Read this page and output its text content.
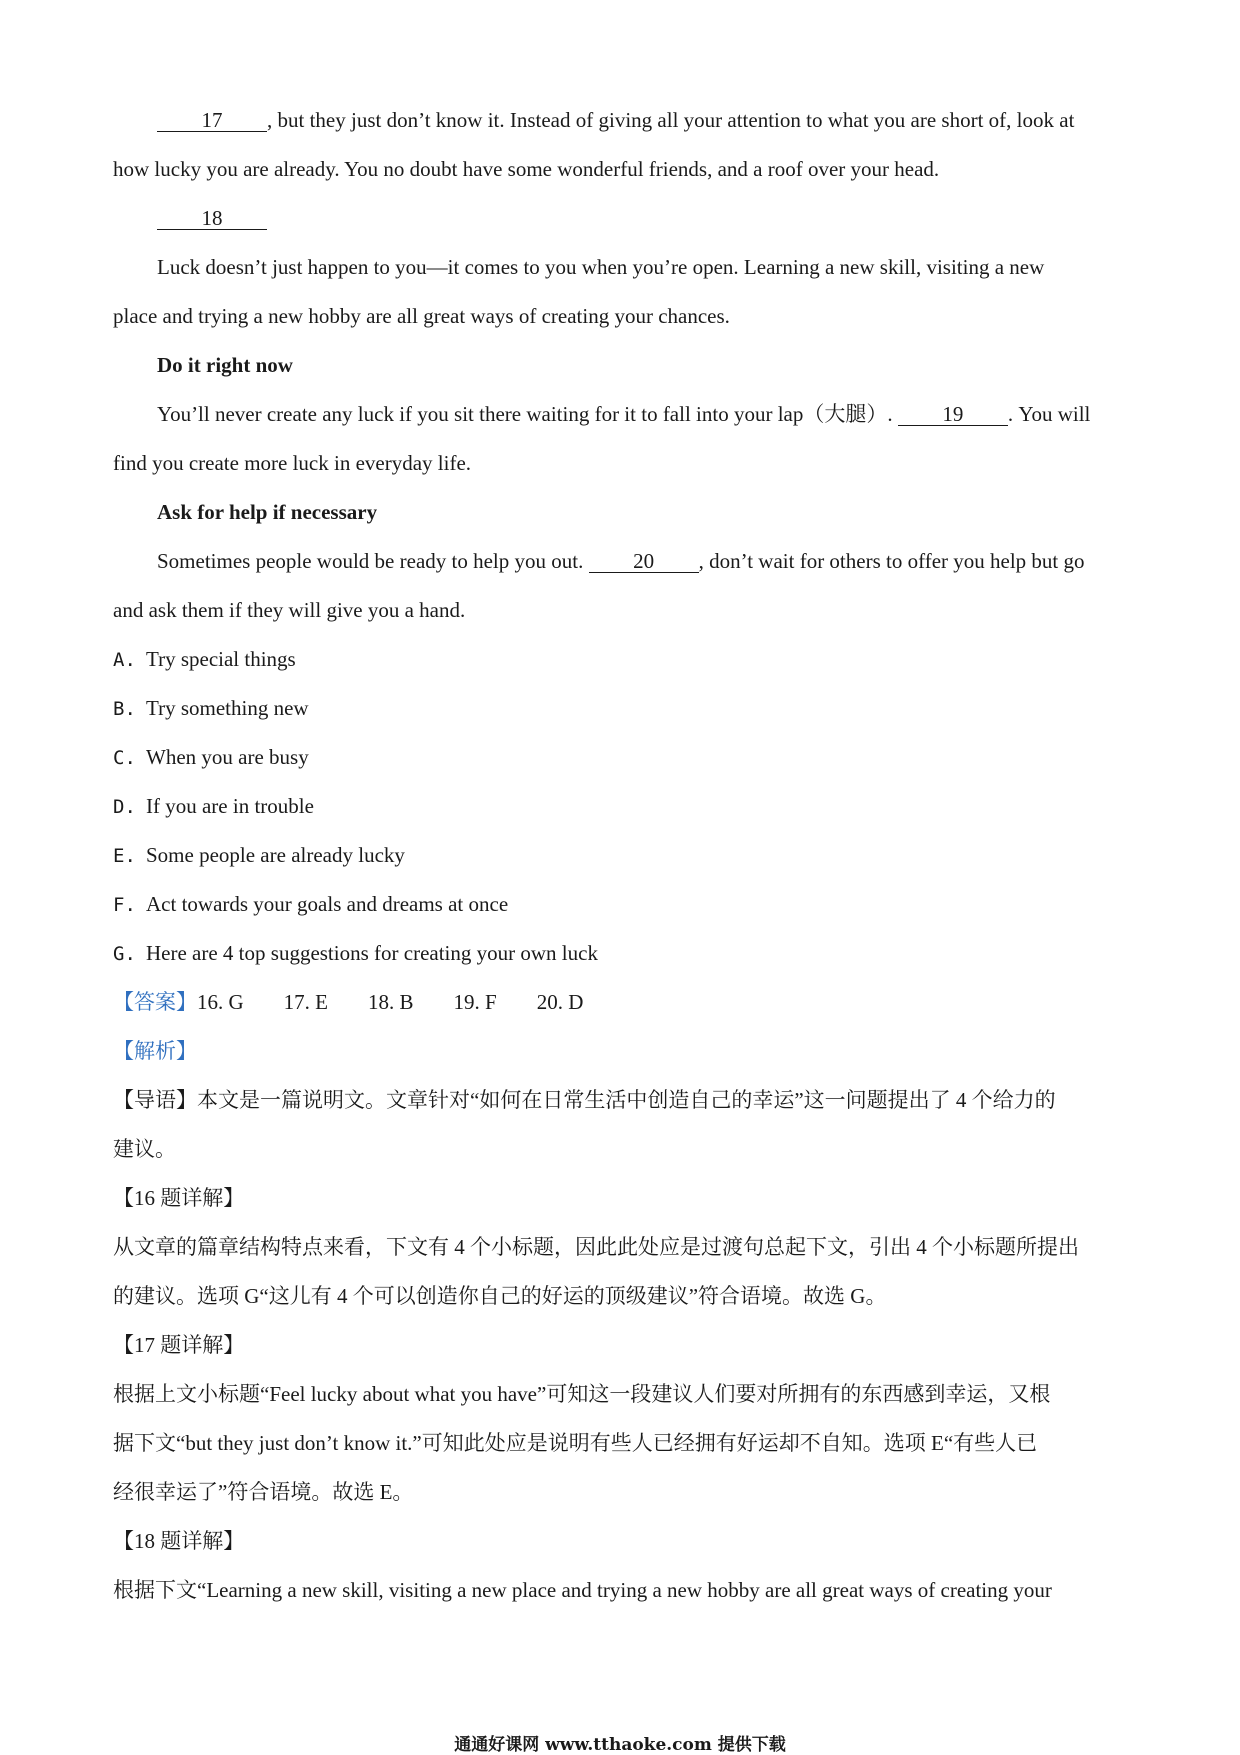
17 , but they just don’t know it. Instead of giving all your attention to what you are short of, look at
how lucky you are already. You no doubt have some wonderful friends, and a roof over your head.
18
Luck doesn’t just happen to you—it comes to you when you’re open. Learning a new skill, visiting a new
place and trying a new hobby are all great ways of creating your chances.
Do it right now
You’ll never create any luck if you sit there waiting for it to fall into your lap（大腿）. 19 . You will
find you create more luck in everyday life.
Ask for help if necessary
Sometimes people would be ready to help you out. 20 , don’t wait for others to offer you help but go
and ask them if they will give you a hand.
A. Try special things
B. Try something new
C. When you are busy
D. If you are in trouble
E. Some people are already lucky
F. Act towards your goals and dreams at once
G. Here are 4 top suggestions for creating your own luck
【答案】16. G 17. E 18. B 19. F 20. D
【解析】
【导语】本文是一篇说明文。文章针对“如何在日常生活中创造自己的幸运”这一问题提出了 4 个给力的
建议。
【16 题详解】
从文章的篇章结构特点来看，下文有 4 个小标题，因此此处应是过渡句总起下文，引出 4 个小标题所提出
的建议。选项 G“这儿有 4 个可以创造你自己的好运的顶级建议”符合语境。故选 G。
【17 题详解】
根据上文小标题“Feel lucky about what you have”可知这一段建议人们要对所拥有的东西感到幸运，又根
据下文“but they just don’t know it.”可知此处应是说明有些人已经拥有好运却不自知。选项 E“有些人已
经很幸运了”符合语境。故选 E。
【18 题详解】
根据下文“Learning a new skill, visiting a new place and trying a new hobby are all great ways of creating your
通通好课网 www.tthaoke.com 提供下载
